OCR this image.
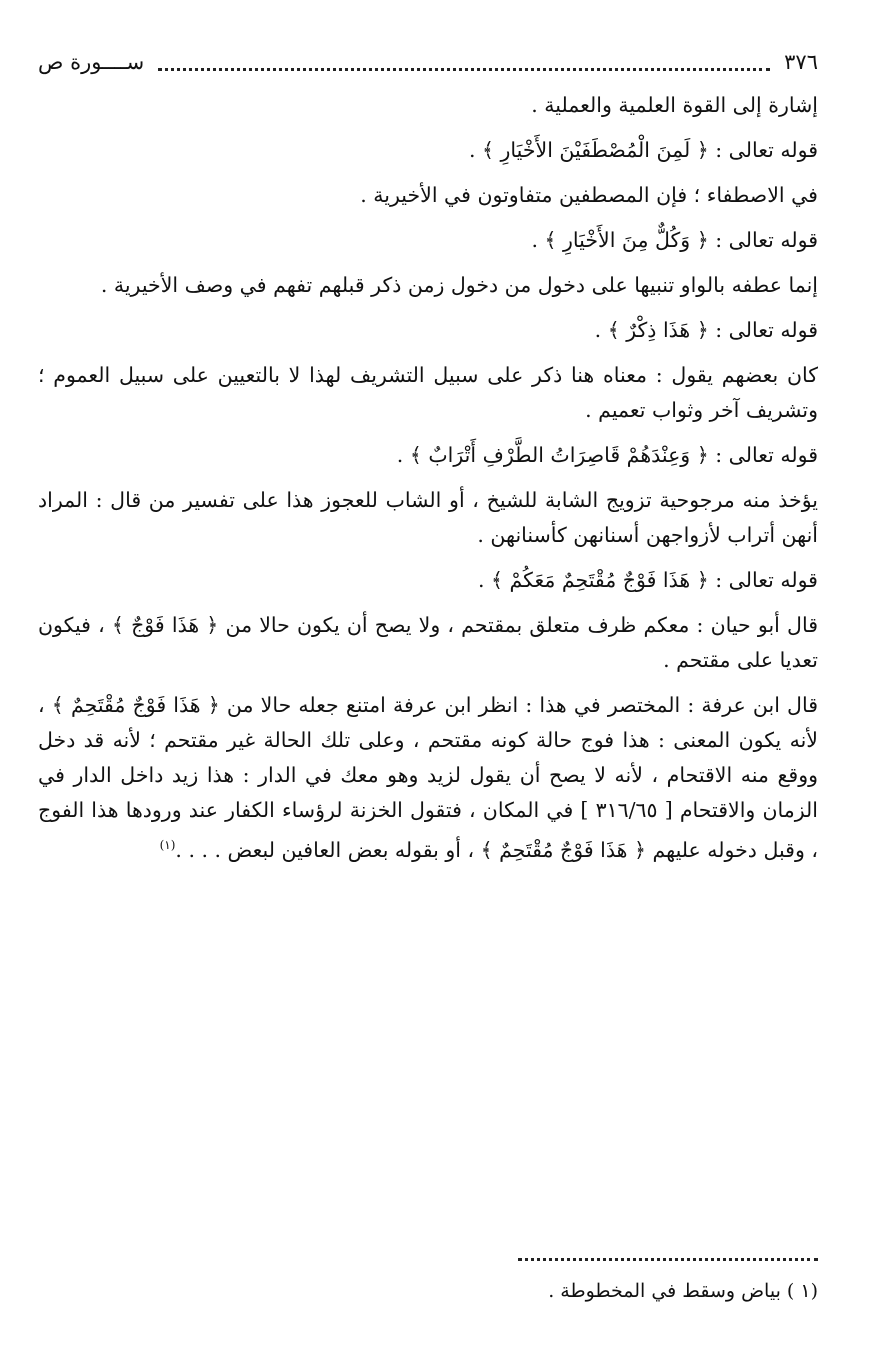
٣٧٦
ســــورة ص

إشارة إلى القوة العلمية والعملية .

قوله تعالى : ﴿ لَمِنَ الْمُصْطَفَيْنَ الأَخْيَارِ ﴾ .

في الاصطفاء ؛ فإن المصطفين متفاوتون في الأخيرية .

قوله تعالى : ﴿ وَكُلٌّ مِنَ الأَخْيَارِ ﴾ .

إنما عطفه بالواو تنبيها على دخول من دخول زمن ذكر قبلهم تفهم في وصف الأخيرية .

قوله تعالى : ﴿ هَذَا ذِكْرٌ ﴾ .

كان بعضهم يقول : معناه هنا ذكر على سبيل التشريف لهذا لا بالتعيين على سبيل العموم ؛ وتشريف آخر وثواب تعميم .

قوله تعالى : ﴿ وَعِنْدَهُمْ قَاصِرَاتُ الطَّرْفِ أَتْرَابٌ ﴾ .

يؤخذ منه مرجوحية تزويج الشابة للشيخ ، أو الشاب للعجوز هذا على تفسير من قال : المراد أنهن أتراب لأزواجهن أسنانهن كأسنانهن .

قوله تعالى : ﴿ هَذَا فَوْجٌ مُقْتَحِمٌ مَعَكُمْ ﴾ .

قال أبو حيان : معكم ظرف متعلق بمقتحم ، ولا يصح أن يكون حالا من ﴿ هَذَا فَوْجٌ ﴾ ، فيكون تعديا على مقتحم .

قال ابن عرفة : المختصر في هذا : انظر ابن عرفة امتنع جعله حالا من ﴿ هَذَا فَوْجٌ مُقْتَحِمٌ ﴾ ، لأنه يكون المعنى : هذا فوج حالة كونه مقتحم ، وعلى تلك الحالة غير مقتحم ؛ لأنه قد دخل ووقع منه الاقتحام ، لأنه لا يصح أن يقول لزيد وهو معك في الدار : هذا زيد داخل الدار في الزمان والاقتحام [ ٣١٦/٦٥ ] في المكان ، فتقول الخزنة لرؤساء الكفار عند ورودها هذا الفوج ، وقبل دخوله عليهم ﴿ هَذَا فَوْجٌ مُقْتَحِمٌ ﴾ ، أو بقوله بعض العافين لبعض . . . .$^{(١)}$

(١ ) بياض وسقط في المخطوطة .
